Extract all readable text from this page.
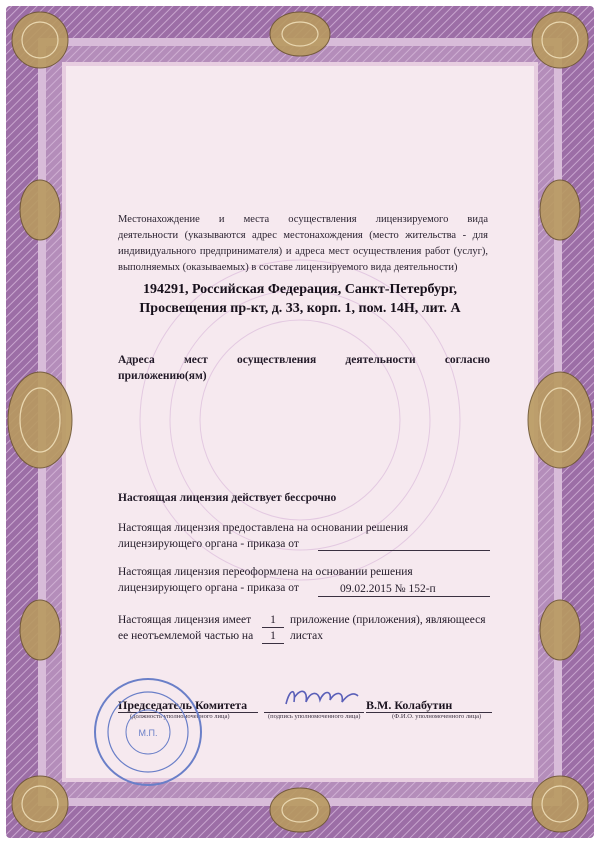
Местонахождение и места осуществления лицензируемого вида

деятельности (указываются адрес местонахождения (место жительства - для

индивидуального предпринимателя) и адреса мест осуществления работ (услуг),

выполняемых (оказываемых) в составе лицензируемого вида деятельности)

194291, Российская Федерация, Санкт-Петербург,

Просвещения пр-кт, д. 33, корп. 1, пом. 14Н, лит. А

Адреса мест осуществления деятельности согласно

приложению(ям)

Настоящая лицензия действует бессрочно

Настоящая лицензия предоставлена на основании решения

лицензирующего органа - приказа от

Настоящая лицензия переоформлена на основании решения

лицензирующего органа - приказа от	09.02.2015 № 152-п

Настоящая лицензия имеет	1 приложение (приложения), являющееся

ее неотъемлемой частью на	1 листах

Председатель Комитета

(должность уполномоченного лица)	(подпись уполномоченного лица)

В.М. Колабутин

(Ф.И.О. уполномоченного лица)
М.П.
